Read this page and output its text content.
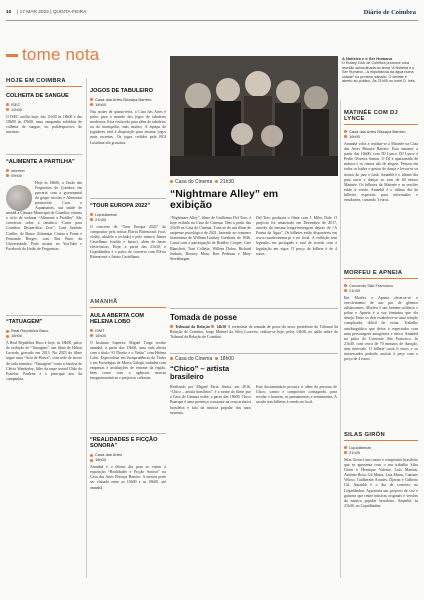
10 | 17 MAR 2022 | QUINTA-FEIRA	Diário de Coimbra
tome nota
HOJE EM COIMBRA
COLHEITA DE SANGUE
ISEC
10h00
O ISEC acolhe hoje, das 11h30 às 18h00 e das 18h00 às 17h00, uma campanha solidária de colheita de sangue, no polidesportivo do instituto.
“ALIMENTE A PARTILHA”
Internet
09h00
Hoje às 18h00, a União das Freguesias de Coimbra em parceria com a governantal do grupo escolas e Alimentar promovido Cura o Aquamatras, sua saúde de manhã a Câmara Municipal de Coimbra, retoma o ciclo de webinar “Alimente a Partilha”. São conversas sobre a temática “Curar para Coimbra, Desperdício Zero”. Com António Coelho, do Banco Alimentar Contra a Fome e Fernando Borges, com Rui Pinto da Universidade. Pode assistir no YouTube e Facebook da União de Freguesias.
“TATUAGEM”
Real República Baco
18h00
A Real República Baco é hoje, às 18h00, palco de exibição de “Tatuagem”, um filme de Hilton Lacerda, gravado em 2013. No 2025 do filme segue uma “Acta de Honra”, com rede de atores de cada membro. “Tatuagem” conta a história de Clécio Wanderley, líder da trupe teatral Chão de Estrelas. Paulette é o principal ator da companhia.
JOGOS DE TABULEIRO
Casa das Artes Bissaya Barreto
18h00
Nas noites de quinta-feira, a Casa das Artes é palco para o mundo dos jogos de tabuleiro modernos. Esta visita não para além do tabuleiro ou do monopólio, mas muitos. A equipa de jogadores está à disposição para ensinar jogos mais recentes. Os jogos cedidos pela BGI Lusitânia são gratuitos.
“TOUR EUROPA 2022”
Liquidâmbar
21h30
O concerto de “Tour Europa 2022” do compositor pela artista Flávia Bittencourt (voz, violão, ukulele e teclado) e pelo músico Júnior Castelhano (violão e baixo), além de bases electrónicas. Hoje, a partir das 21h30, o Liquidâmbar é o palco do concerto com Flávia Bittencourt e Júnior Castelhano.
AMANHÃ
AULA ABERTA COM HELENA LOBO
ISMT
15h00
O Instituto Superior Miguel Torga recebe amanhã, a partir das 15h00, uma aula aberta com o título “O Direito e o Vinho” com Helena Lobo. Especialista em Jurisprudência do Vinho e em Estratégias de Marca Galega, trabalha com empresas e instituições de renome da região, bem como com a agências marcas enogastronómicas e projectos culturais.
“REALIDADES E FICÇÃO SONORA”
Casa das Artes
18h00
Amanhã é o último dia para se visitar a exposição “Realidades e Ficção Sonora” na Casa das Artes Bissaya Barreto. A mostra pode ser visitada entre as 10h00 e as 18h00, até amanhã.
A Noiteira e o Ser Humano
O Rotary Club de Coimbra promove uma reunião subordinada ao tema “A Noiteira e o Ser Humano – A importância da água numa cidade” no próximo sábado. O debate é aberto ao público. Às 21h00 no hotel D. Inês.
Casa do Cinema 21h30
“Nightmare Alley” em exibição
“Nightmare Alley”, filme de Guillermo Del Toro, é hoje exibido na Casa do Cinema. Tem a partir das 21h30 na Casa do Cinema. Trata-se de um filme de suspense psicológico de 2021, baseado no romance homónimo de William Lindsay Gresham, de 1946. Conta com a participação de Bradley Cooper, Cate Blanchett, Toni Collette, Willem Dafoe, Richard Jenkins, Rooney Mara, Ron Perlman e Mary Steenburgen.
Del Toro produziu o filme com J. Miles Dale. O projecto foi anunciado em Dezembro de 2017, através da mesma longa-metragem depois de “A Forma da Água”. Os bilhetes estão disponíveis em www.casadocinema.pt e no local. A exibição tem legendas em português e está de acordo com a legislação em vigor. O preço do bilhete é de 4 euros.
Tomada de posse
Tribunal da Relação 14h30 A cerimónia de tomada de posse do novo presidente do Tribunal da Relação de Coimbra, Jorge Manuel da Silva Loureiro, realiza-se hoje, pelas 14h30, no salão nobre do Tribunal da Relação de Coimbra.
Casa do Cinema 18h00
“Chico” – artista brasileiro
Realizado por Miguel Faria Júnior, em 2016, “Chico – artista brasileiro”, é o nome do filme que a Casa do Cinema exibe, a partir das 18h00. Chico Buarque é uma presença constante na cena artística brasileira e fala da música popular dos anos sessenta.
Este documentário procura ir além da persona de Chico, cantor e compositor consagrado, para revelar o homem, os pensamentos e sentimentos. A sessão tem bilhetes à venda no local.
MATINÉE COM DJ LYNCE
Casa das Artes Bissaya Barreto
16h00
Amanhã volta a realizar-se a Matinée na Casa das Artes Bissaya Barreto. Esta semana, a partir das 16h00, com DJ Lynce. DJ Lynce é Pedro Oliveira Santos. O DJ é apaixonado de música e os ritmos são de alegria. Pensou em todos os bailes e gestos de dança e levou-se os ritmos do jazz e funk. Amanhã é o último dia para ouvir e dançar ao som de 60 ritmos Matinée. Os bilhetes da Matinée e as sessões estão à venda. Amanhã é o último dia de bilhetes especiais para reformados e estudantes, custando 3 euros.
MORFEU E APNEIA
Convento São Francisco
21h30
Em Morfeu e Apneia observa-se o envolvimento de um par de gêmeos adolescentes. Morfeu é um homem solitário e pobre e Apneia é a voz feminina que ela deseja. Entre os dois estabelece-se uma relação complicada, difícil de evitar. Trabalho autobiográfico que deixa o espectador com uma personagem antagónica e única. Amanhã no palco do Convento São Francisco, às 21h30, com cerca de 70 minutos de duração, sem intervalo. O bilhete custa 6 euros e os interessados poderão assistir à peça com o preço de 4 euros.
SILAS GIRÓN
Liquidâmbar
21h30
Silas Girón é um cantor e compositor brasileiro que se apresenta com o seu trabalho Silas Girón e Henrique Valente, Luís Martins, António Rosa, Gil Matos, Luís Matos, Caetano Veloso, Guilherme Arantes, Djavan e Gilberto Gil. Amanhã é o dia de concerto no Liquidâmbar. Apresenta um projecto de voz e guitarra que reúne músicas originais e versões da música popular brasileira. Amanhã, às 21h30, no Liquidâmbar.
